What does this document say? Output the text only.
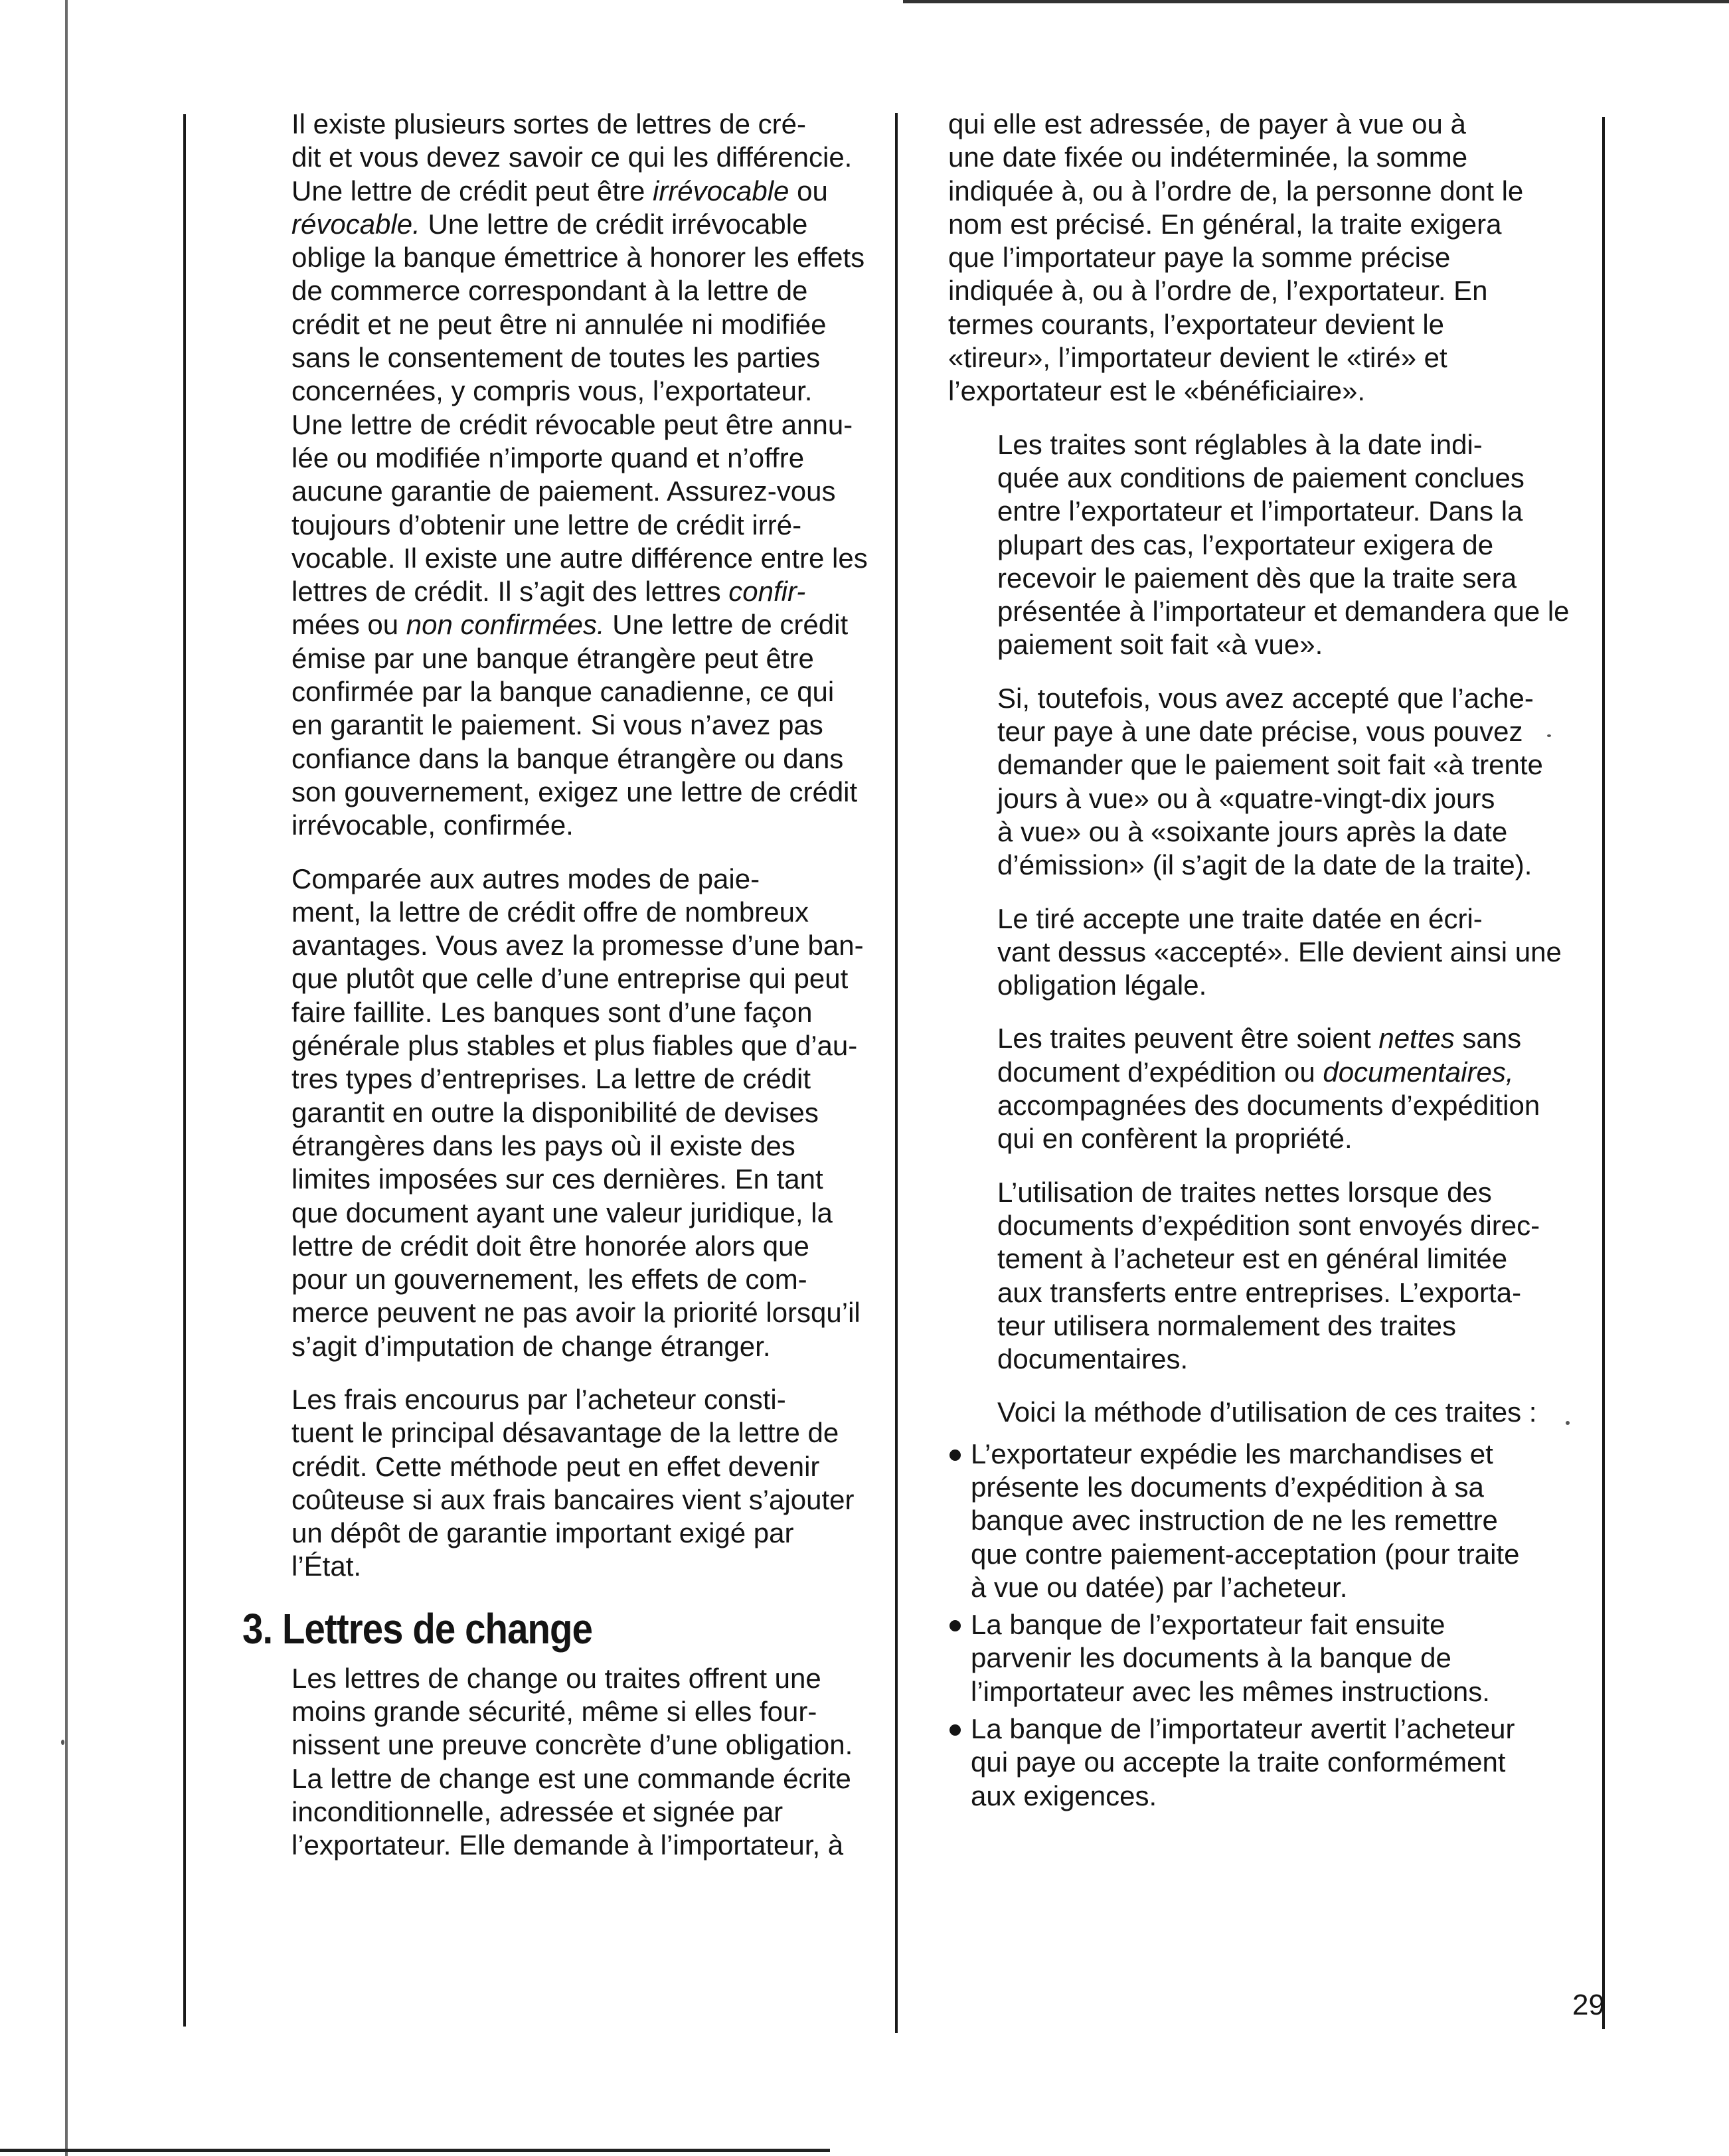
Il existe plusieurs sortes de lettres de cré-
dit et vous devez savoir ce qui les différencie.
Une lettre de crédit peut être irrévocable ou
révocable. Une lettre de crédit irrévocable
oblige la banque émettrice à honorer les effets
de commerce correspondant à la lettre de
crédit et ne peut être ni annulée ni modifiée
sans le consentement de toutes les parties
concernées, y compris vous, l’exportateur.
Une lettre de crédit révocable peut être annu-
lée ou modifiée n’importe quand et n’offre
aucune garantie de paiement. Assurez-vous
toujours d’obtenir une lettre de crédit irré-
vocable. Il existe une autre différence entre les
lettres de crédit. Il s’agit des lettres confir-
mées ou non confirmées. Une lettre de crédit
émise par une banque étrangère peut être
confirmée par la banque canadienne, ce qui
en garantit le paiement. Si vous n’avez pas
confiance dans la banque étrangère ou dans
son gouvernement, exigez une lettre de crédit
irrévocable, confirmée.

Comparée aux autres modes de paie-
ment, la lettre de crédit offre de nombreux
avantages. Vous avez la promesse d’une ban-
que plutôt que celle d’une entreprise qui peut
faire faillite. Les banques sont d’une façon
générale plus stables et plus fiables que d’au-
tres types d’entreprises. La lettre de crédit
garantit en outre la disponibilité de devises
étrangères dans les pays où il existe des
limites imposées sur ces dernières. En tant
que document ayant une valeur juridique, la
lettre de crédit doit être honorée alors que
pour un gouvernement, les effets de com-
merce peuvent ne pas avoir la priorité lorsqu’il
s’agit d’imputation de change étranger.

Les frais encourus par l’acheteur consti-
tuent le principal désavantage de la lettre de
crédit. Cette méthode peut en effet devenir
coûteuse si aux frais bancaires vient s’ajouter
un dépôt de garantie important exigé par
l’État.

3. Lettres de change

Les lettres de change ou traites offrent une
moins grande sécurité, même si elles four-
nissent une preuve concrète d’une obligation.
La lettre de change est une commande écrite
inconditionnelle, adressée et signée par
l’exportateur. Elle demande à l’importateur, à

qui elle est adressée, de payer à vue ou à
une date fixée ou indéterminée, la somme
indiquée à, ou à l’ordre de, la personne dont le
nom est précisé. En général, la traite exigera
que l’importateur paye la somme précise
indiquée à, ou à l’ordre de, l’exportateur. En
termes courants, l’exportateur devient le
«tireur», l’importateur devient le «tiré» et
l’exportateur est le «bénéficiaire».

Les traites sont réglables à la date indi-
quée aux conditions de paiement conclues
entre l’exportateur et l’importateur. Dans la
plupart des cas, l’exportateur exigera de
recevoir le paiement dès que la traite sera
présentée à l’importateur et demandera que le
paiement soit fait «à vue».

Si, toutefois, vous avez accepté que l’ache-
teur paye à une date précise, vous pouvez
demander que le paiement soit fait «à trente
jours à vue» ou à «quatre-vingt-dix jours
à vue» ou à «soixante jours après la date
d’émission» (il s’agit de la date de la traite).

Le tiré accepte une traite datée en écri-
vant dessus «accepté». Elle devient ainsi une
obligation légale.

Les traites peuvent être soient nettes sans
document d’expédition ou documentaires,
accompagnées des documents d’expédition
qui en confèrent la propriété.

L’utilisation de traites nettes lorsque des
documents d’expédition sont envoyés direc-
tement à l’acheteur est en général limitée
aux transferts entre entreprises. L’exporta-
teur utilisera normalement des traites
documentaires.

Voici la méthode d’utilisation de ces traites :

L’exportateur expédie les marchandises et
présente les documents d’expédition à sa
banque avec instruction de ne les remettre
que contre paiement-acceptation (pour traite
à vue ou datée) par l’acheteur.
La banque de l’exportateur fait ensuite
parvenir les documents à la banque de
l’importateur avec les mêmes instructions.
La banque de l’importateur avertit l’acheteur
qui paye ou accepte la traite conformément
aux exigences.
29
